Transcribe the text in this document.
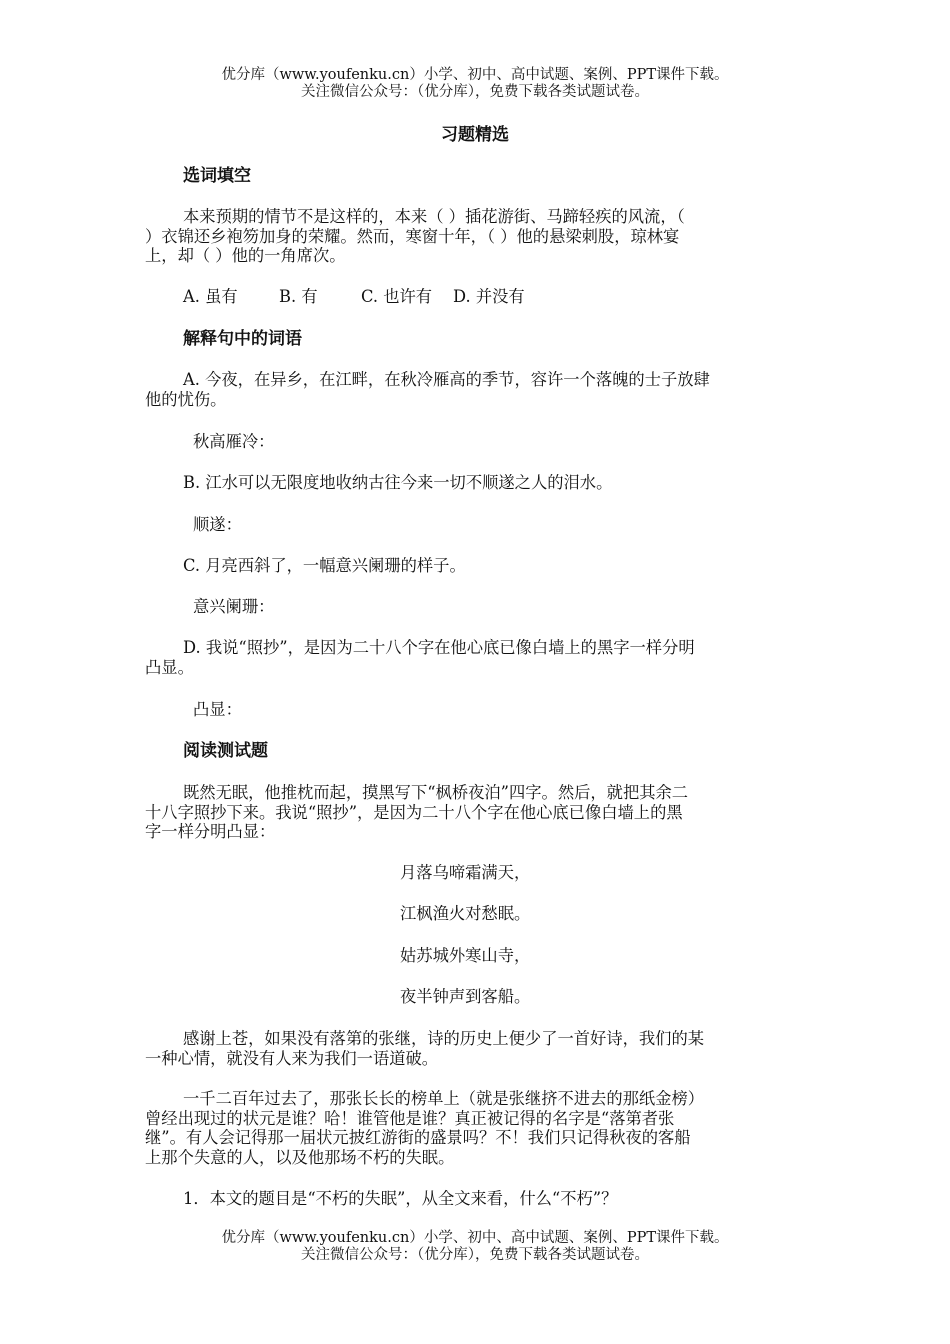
优分库（www.youfenku.cn）小学、初中、高中试题、案例、PPT课件下载。
关注微信公众号：（优分库），免费下载各类试题试卷。
习题精选
选词填空
本来预期的情节不是这样的，本来（ ）插花游街、马蹄轻疾的风流，（
）衣锦还乡袍笏加身的荣耀。然而，寒窗十年，（ ）他的悬梁刺股，琼林宴
上，却（ ）他的一角席次。
A. 虽有	B. 有	C. 也许有 D. 并没有
解释句中的词语
A. 今夜，在异乡，在江畔，在秋冷雁高的季节，容许一个落魄的士子放肆
他的忧伤。
秋高雁冷：
B. 江水可以无限度地收纳古往今来一切不顺遂之人的泪水。
顺遂：
C. 月亮西斜了，一幅意兴阑珊的样子。
意兴阑珊：
D. 我说“照抄”，是因为二十八个字在他心底已像白墙上的黑字一样分明
凸显。
凸显：
阅读测试题
既然无眠，他推枕而起，摸黑写下“枫桥夜泊”四字。然后，就把其余二
十八字照抄下来。我说“照抄”，是因为二十八个字在他心底已像白墙上的黑
字一样分明凸显：
月落乌啼霜满天，
江枫渔火对愁眠。
姑苏城外寒山寺，
夜半钟声到客船。
感谢上苍，如果没有落第的张继，诗的历史上便少了一首好诗，我们的某
一种心情，就没有人来为我们一语道破。
一千二百年过去了，那张长长的榜单上（就是张继挤不进去的那纸金榜）
曾经出现过的状元是谁？哈！谁管他是谁？真正被记得的名字是“落第者张
继”。有人会记得那一届状元披红游街的盛景吗？不！我们只记得秋夜的客船
上那个失意的人，以及他那场不朽的失眠。
1．本文的题目是“不朽的失眠”，从全文来看，什么“不朽”？
优分库（www.youfenku.cn）小学、初中、高中试题、案例、PPT课件下载。
关注微信公众号：（优分库），免费下载各类试题试卷。
